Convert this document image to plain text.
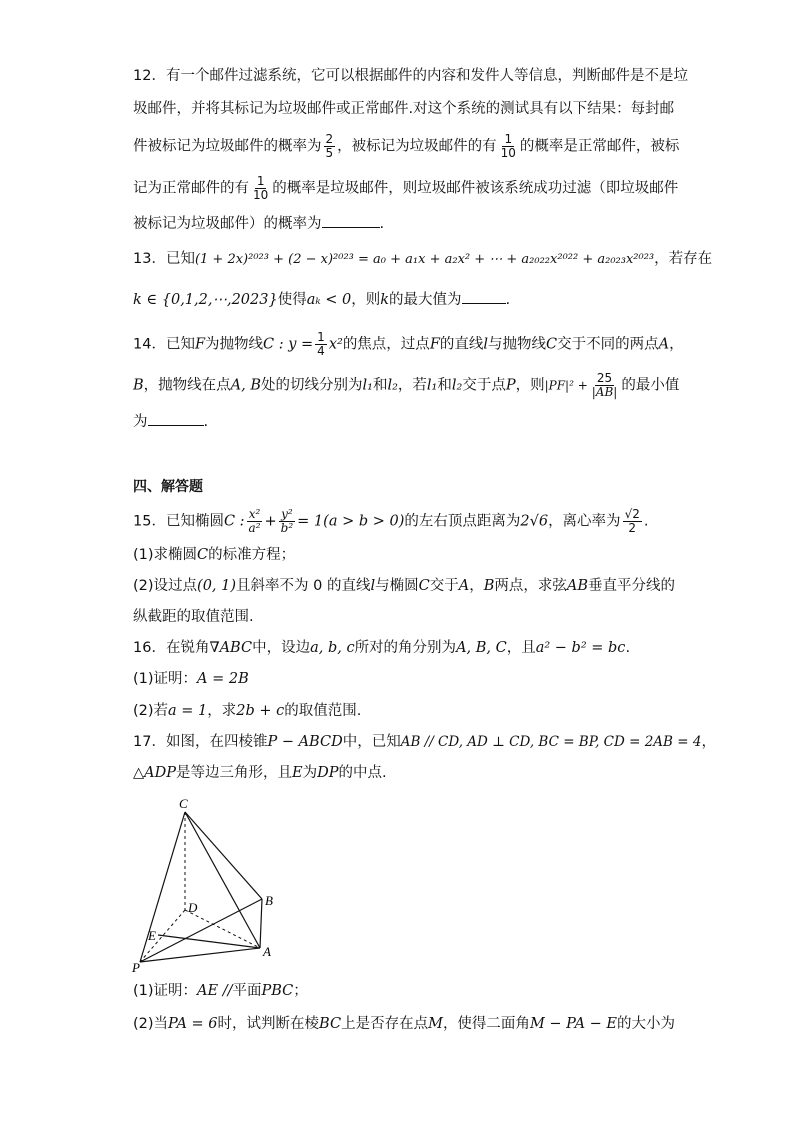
12．有一个邮件过滤系统，它可以根据邮件的内容和发件人等信息，判断邮件是不是垃
圾邮件，并将其标记为垃圾邮件或正常邮件.对这个系统的测试具有以下结果：每封邮
件被标记为垃圾邮件的概率为 $\frac{2}{5}$ ，被标记为垃圾邮件的有 $\frac{1}{10}$ 的概率是正常邮件，被标
记为正常邮件的有 $\frac{1}{10}$ 的概率是垃圾邮件，则垃圾邮件被该系统成功过滤（即垃圾邮件
被标记为垃圾邮件）的概率为	.
13．已知(1 + 2x)²⁰²³ + (2 − x)²⁰²³ = a₀ + a₁x + a₂x² + ⋯ + a₂₀₂₂x²⁰²² + a₂₀₂₃x²⁰²³，若存在
k ∈ {0,1,2,⋯,2023}使得aₖ < 0，则k的最大值为	.
14．已知F为抛物线C : $y = \frac{1}{4} x^2$的焦点，过点F的直线l与抛物线C交于不同的两点A，
B，抛物线在点A, B处的切线分别为l₁和l₂，若l₁和l₂交于点P，则$|PF|^2 + \frac{25}{|AB|}$ 的最小值
为	.
四、解答题
15．已知椭圆C : $\frac{\text{x²}}{\text{a²}} + \frac{\text{y²}}{\text{b²}} = 1(a > b > 0)$的左右顶点距离为2√6，离心率为 $\frac{√2}{2}$ .
(1)求椭圆C的标准方程；
(2)设过点(0, 1)且斜率不为 0 的直线l与椭圆C交于A，B两点，求弦AB垂直平分线的
纵截距的取值范围.
16．在锐角∇ABC中，设边a, b, c所对的角分别为A, B, C，且a² − b² = bc.
(1)证明：A = 2B
(2)若a = 1，求2b + c的取值范围.
17．如图，在四棱锥P − ABCD中，已知AB // CD, AD ⊥ CD, BC = BP, CD = 2AB = 4，
△ADP是等边三角形，且E为DP的中点.
C
B
D
E
A
P
(1)证明：AE //平面PBC；
(2)当PA = 6时，试判断在棱BC上是否存在点M，使得二面角M − PA − E的大小为
